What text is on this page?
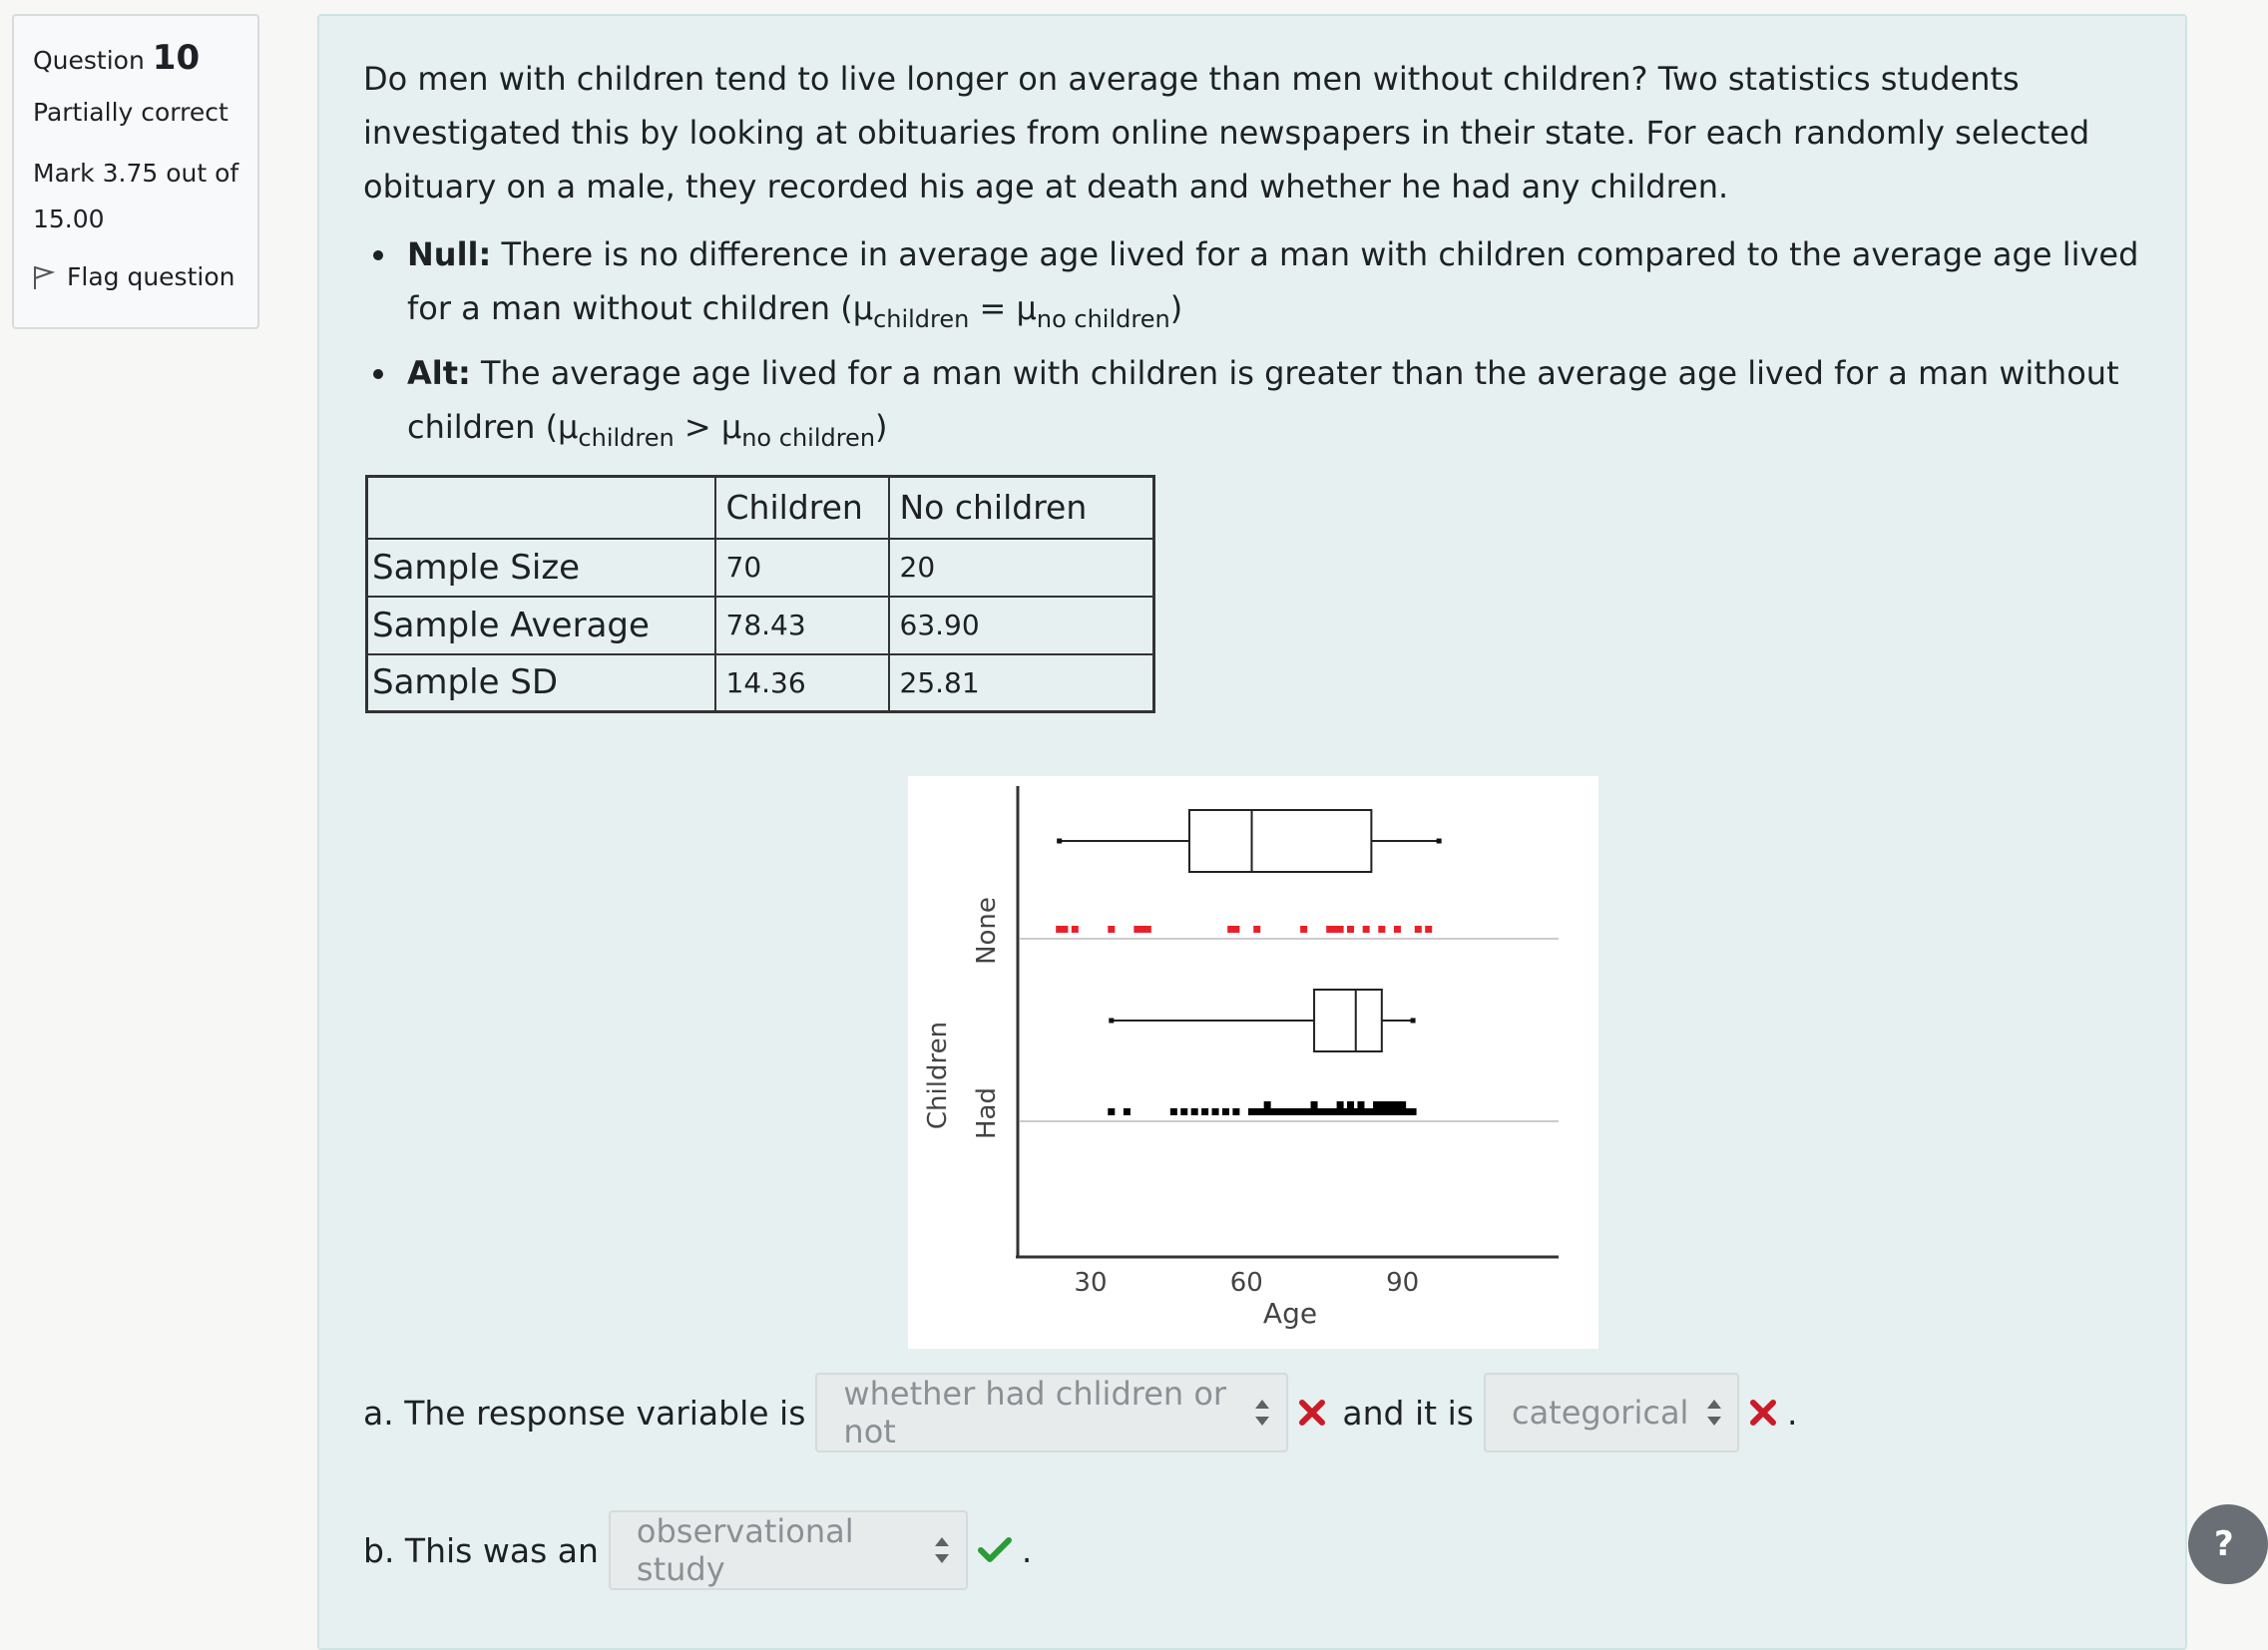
Question 10
Partially correct
Mark 3.75 out of
15.00
Flag question

Do men with children tend to live longer on average than men without children? Two statistics students investigated this by looking at obituaries from online newspapers in their state. For each randomly selected obituary on a male, they recorded his age at death and whether he had any children.

Null: There is no difference in average age lived for a man with children compared to the average age lived for a man without children $(\mu_{children} = \mu_{no children})$
Alt: The average age lived for a man with children is greater than the average age lived for a man without children $(\mu_{children} > \mu_{no children})$
	Children	No children
Sample Size	70	20
Sample Average	78.43	63.90
Sample SD	14.36	25.81
Children
None
Had
Age
30	60	90
a. The response variable is whether had chlidren or not	and it is categorical	.
b. This was an observational study	.	?
